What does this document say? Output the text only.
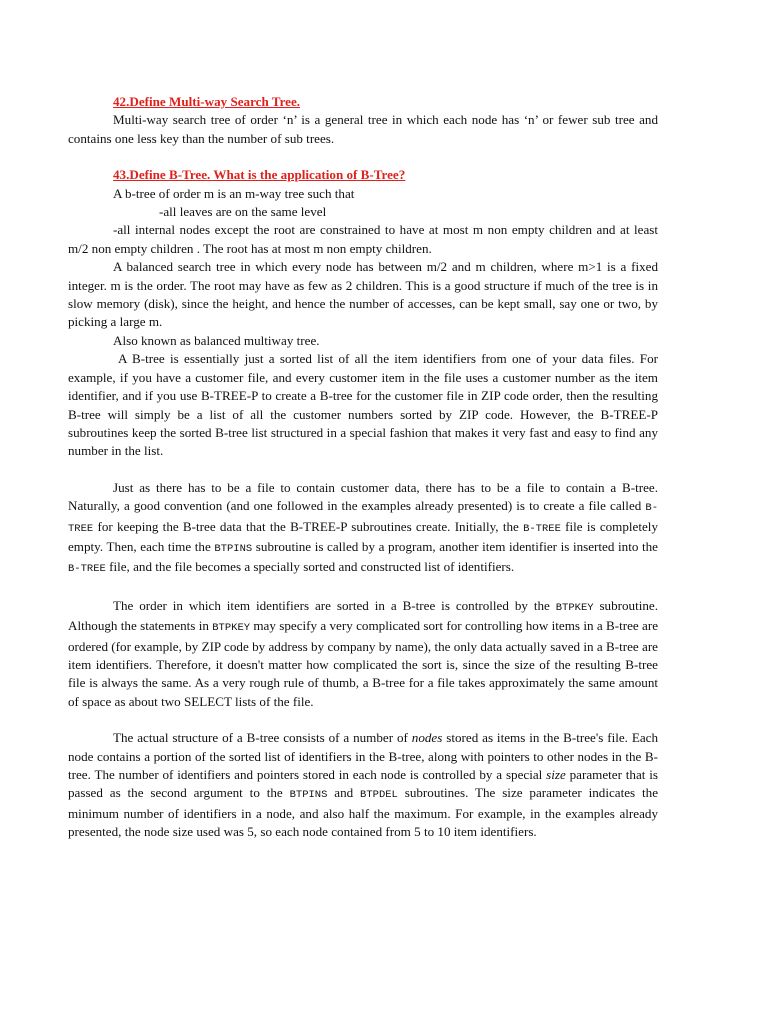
42.Define Multi-way Search Tree.

Multi-way search tree of order ‘n’ is a general tree in which each node has ‘n’ or fewer sub tree and contains one less key than the number of sub trees.

43.Define B-Tree. What is the application of B-Tree?

A b-tree of order m is an m-way tree such that

-all leaves are on the same level

-all internal nodes except the root are constrained to have at most m non empty children and at least m/2 non empty children . The root has at most m non empty children.

A balanced search tree in which every node has between m/2 and m children, where m>1 is a fixed integer. m is the order. The root may have as few as 2 children. This is a good structure if much of the tree is in slow memory (disk), since the height, and hence the number of accesses, can be kept small, say one or two, by picking a large m.

Also known as balanced multiway tree.

A B-tree is essentially just a sorted list of all the item identifiers from one of your data files. For example, if you have a customer file, and every customer item in the file uses a customer number as the item identifier, and if you use B-TREE-P to create a B-tree for the customer file in ZIP code order, then the resulting B-tree will simply be a list of all the customer numbers sorted by ZIP code. However, the B-TREE-P subroutines keep the sorted B-tree list structured in a special fashion that makes it very fast and easy to find any number in the list.

Just as there has to be a file to contain customer data, there has to be a file to contain a B-tree. Naturally, a good convention (and one followed in the examples already presented) is to create a file called B-TREE for keeping the B-tree data that the B-TREE-P subroutines create. Initially, the B-TREE file is completely empty. Then, each time the BTPINS subroutine is called by a program, another item identifier is inserted into the B-TREE file, and the file becomes a specially sorted and constructed list of identifiers.

The order in which item identifiers are sorted in a B-tree is controlled by the BTPKEY subroutine. Although the statements in BTPKEY may specify a very complicated sort for controlling how items in a B-tree are ordered (for example, by ZIP code by address by company by name), the only data actually saved in a B-tree are item identifiers. Therefore, it doesn't matter how complicated the sort is, since the size of the resulting B-tree file is always the same. As a very rough rule of thumb, a B-tree for a file takes approximately the same amount of space as about two SELECT lists of the file.

The actual structure of a B-tree consists of a number of nodes stored as items in the B-tree's file. Each node contains a portion of the sorted list of identifiers in the B-tree, along with pointers to other nodes in the B-tree. The number of identifiers and pointers stored in each node is controlled by a special size parameter that is passed as the second argument to the BTPINS and BTPDEL subroutines. The size parameter indicates the minimum number of identifiers in a node, and also half the maximum. For example, in the examples already presented, the node size used was 5, so each node contained from 5 to 10 item identifiers.
